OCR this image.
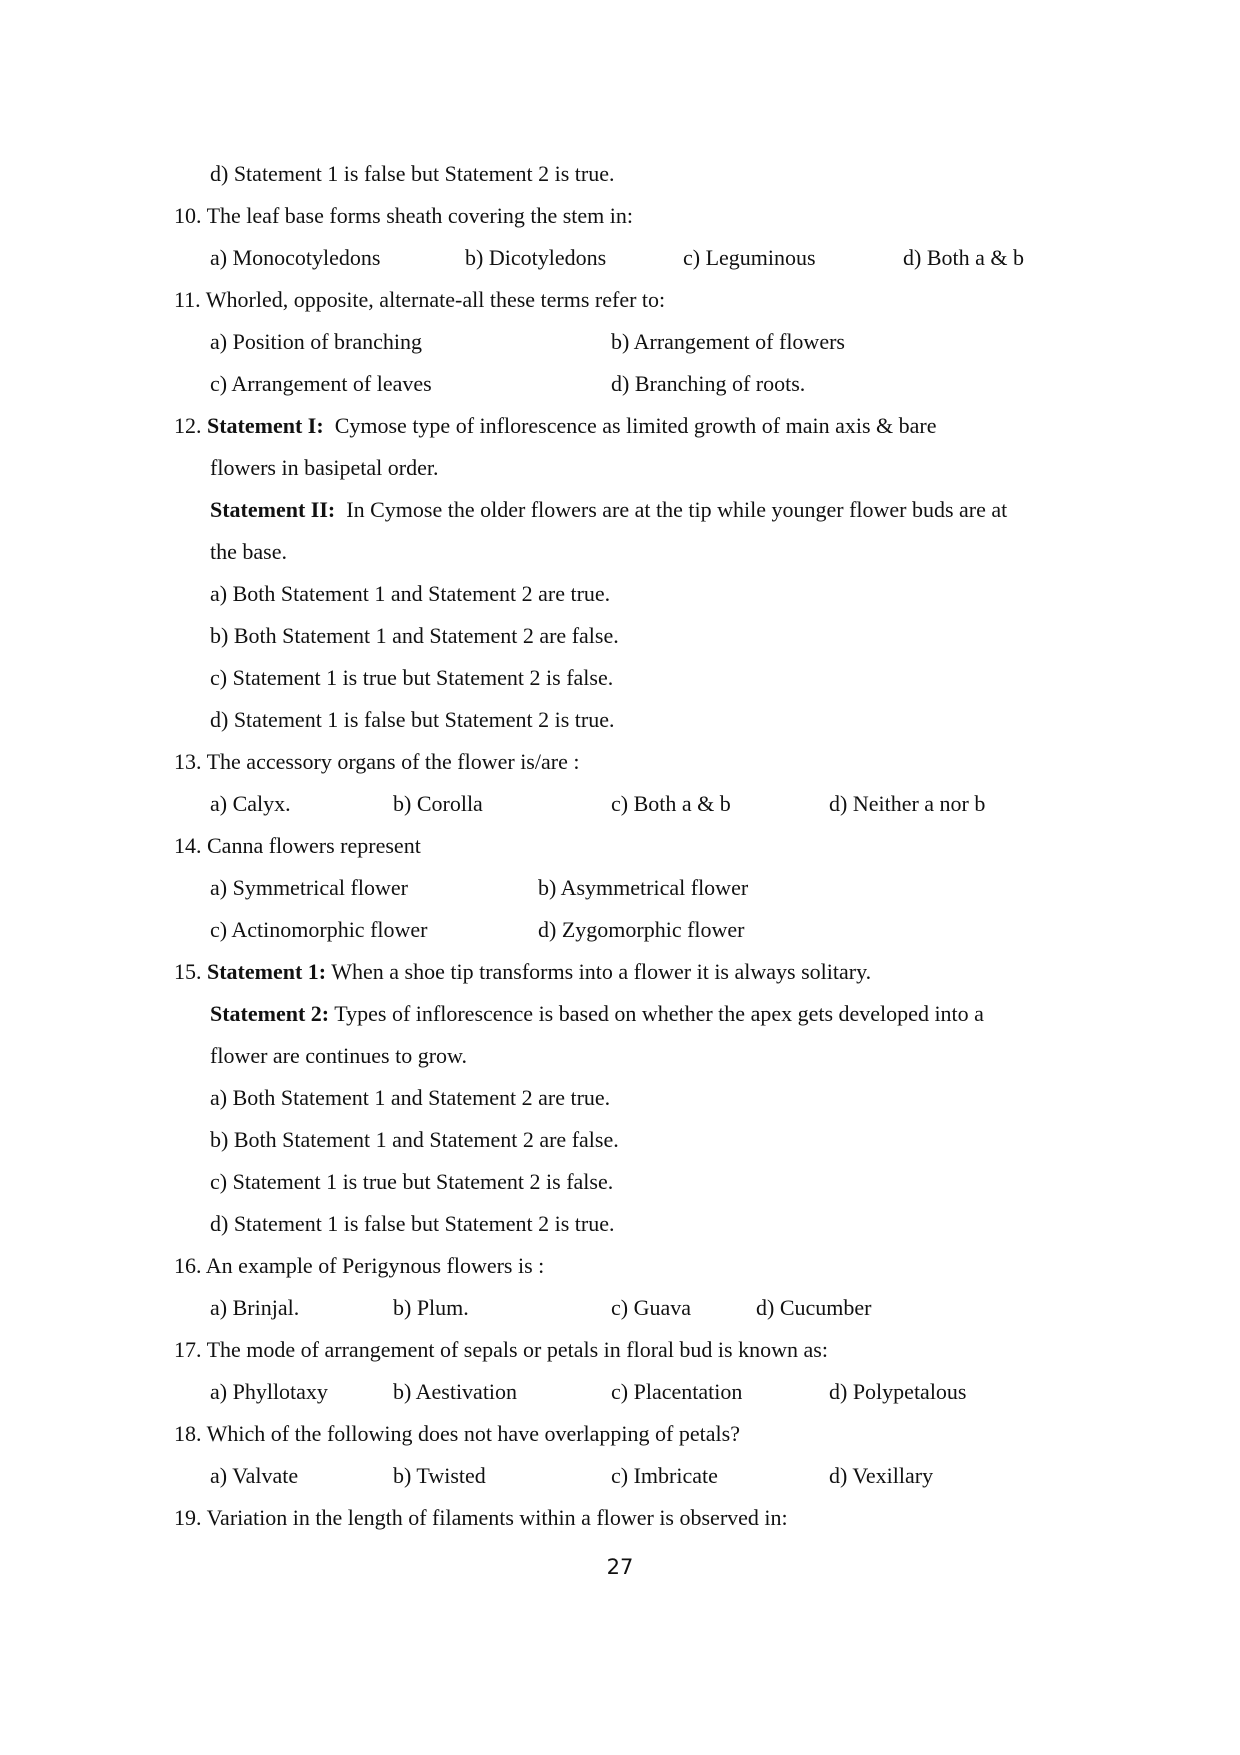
d) Statement 1 is false but Statement 2 is true.
10. The leaf base forms sheath covering the stem in:
a) Monocotyledons	b) Dicotyledons	c) Leguminous	d) Both a & b
11. Whorled, opposite, alternate-all these terms refer to:
a) Position of branching	b) Arrangement of flowers
c) Arrangement of leaves	d) Branching of roots.
12. Statement I: Cymose type of inflorescence as limited growth of main axis & bare
flowers in basipetal order.
Statement II: In Cymose the older flowers are at the tip while younger flower buds are at
the base.
a) Both Statement 1 and Statement 2 are true.
b) Both Statement 1 and Statement 2 are false.
c) Statement 1 is true but Statement 2 is false.
d) Statement 1 is false but Statement 2 is true.
13. The accessory organs of the flower is/are :
a) Calyx.	b) Corolla	c) Both a & b	d) Neither a nor b
14. Canna flowers represent
a) Symmetrical flower	b) Asymmetrical flower
c) Actinomorphic flower	d) Zygomorphic flower
15. Statement 1: When a shoe tip transforms into a flower it is always solitary.
Statement 2: Types of inflorescence is based on whether the apex gets developed into a
flower are continues to grow.
a) Both Statement 1 and Statement 2 are true.
b) Both Statement 1 and Statement 2 are false.
c) Statement 1 is true but Statement 2 is false.
d) Statement 1 is false but Statement 2 is true.
16. An example of Perigynous flowers is :
a) Brinjal.	b) Plum.	c) Guava	d) Cucumber
17. The mode of arrangement of sepals or petals in floral bud is known as:
a) Phyllotaxy	b) Aestivation	c) Placentation	d) Polypetalous
18. Which of the following does not have overlapping of petals?
a) Valvate	b) Twisted	c) Imbricate	d) Vexillary
19. Variation in the length of filaments within a flower is observed in:
27
